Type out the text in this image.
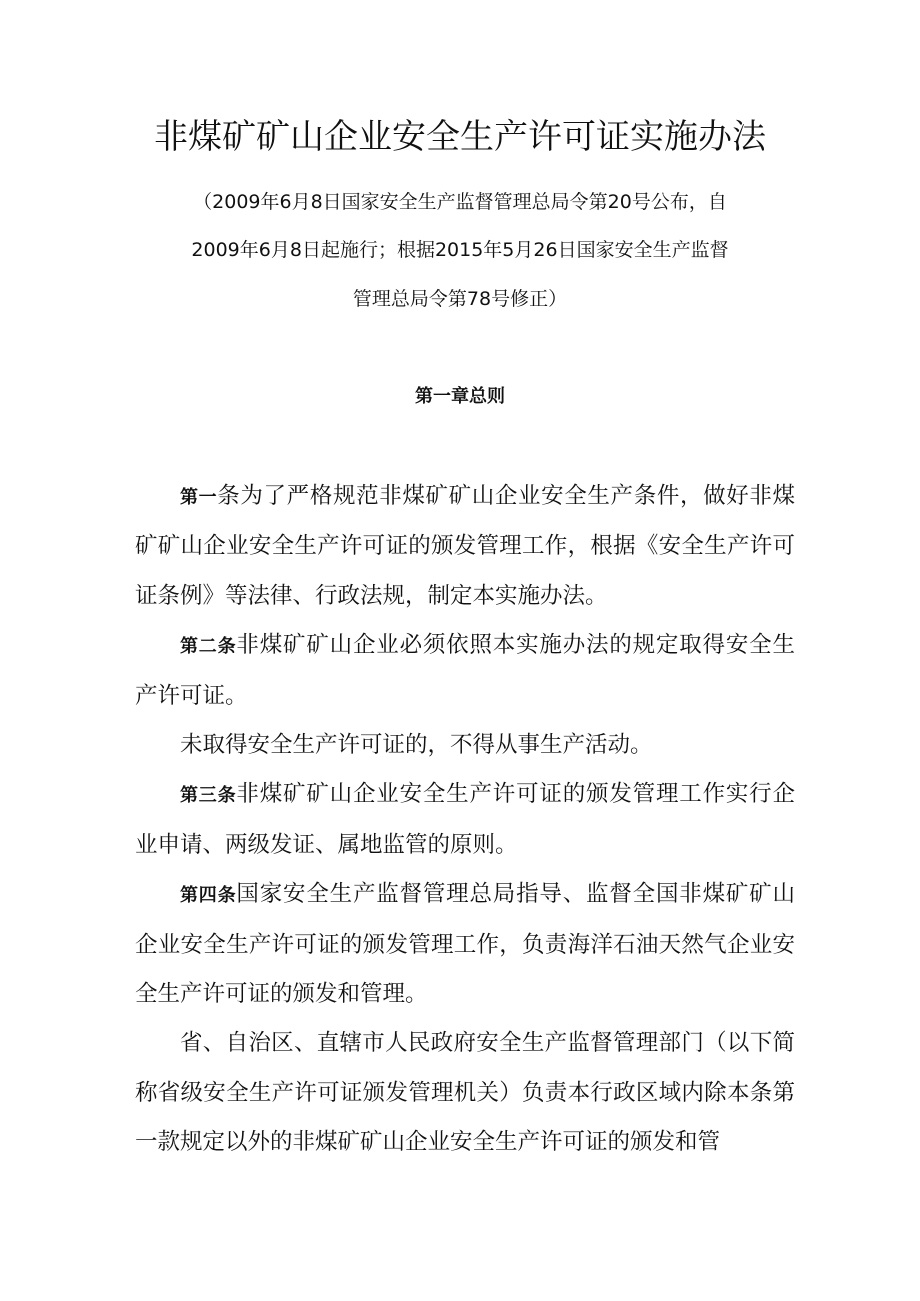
非煤矿矿山企业安全生产许可证实施办法
（2009年6月8日国家安全生产监督管理总局令第20号公布，自
2009年6月8日起施行；根据2015年5月26日国家安全生产监督
管理总局令第78号修正）
第一章总则

第一条为了严格规范非煤矿矿山企业安全生产条件，做好非煤矿矿山企业安全生产许可证的颁发管理工作，根据《安全生产许可证条例》等法律、行政法规，制定本实施办法。

第二条非煤矿矿山企业必须依照本实施办法的规定取得安全生产许可证。

未取得安全生产许可证的，不得从事生产活动。

第三条非煤矿矿山企业安全生产许可证的颁发管理工作实行企业申请、两级发证、属地监管的原则。

第四条国家安全生产监督管理总局指导、监督全国非煤矿矿山企业安全生产许可证的颁发管理工作，负责海洋石油天然气企业安全生产许可证的颁发和管理。

省、自治区、直辖市人民政府安全生产监督管理部门（以下简称省级安全生产许可证颁发管理机关）负责本行政区域内除本条第一款规定以外的非煤矿矿山企业安全生产许可证的颁发和管
